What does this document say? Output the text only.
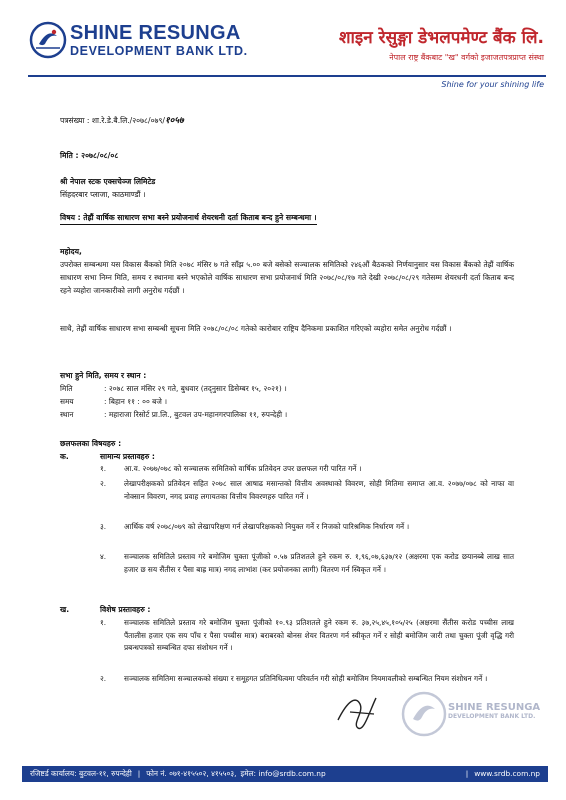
SHINE RESUNGA
DEVELOPMENT BANK LTD.
शाइन रेसुङ्गा डेभलपमेण्ट बैंक लि.
नेपाल राष्ट्र बैंकबाट "ख" वर्गको इजाजतपत्रप्राप्त संस्था
Shine for your shining life
पत्रसंख्या : शा.रे.डे.बै.लि./२०७८/०७९/१०५७
मिति : २०७८/०८/०८
श्री नेपाल स्टक एक्सचेञ्ज लिमिटेड
सिंहदरबार प्लाजा, काठमाण्डौं ।
विषय : तेह्रौं वार्षिक साधारण सभा बस्ने प्रयोजनार्थ शेयरधनी दर्ता किताब बन्द हुने सम्बन्धमा ।
महोदय,
उपरोक्त सम्बन्धमा यस विकास बैंकको मिति २०७८ मंसिर ७ गते साँझ ५.०० बजे बसेको सञ्चालक समितिको २४६औं बैठकको निर्णयानुसार यस विकास बैंकको तेह्रौं वार्षिक साधारण सभा निम्न मिति, समय र स्थानमा बस्ने भएकोले वार्षिक साधारण सभा प्रयोजनार्थ मिति २०७८/०८/१७ गते देखी २०७८/०८/२९ गतेसम्म शेयरधनी दर्ता किताब बन्द रहने व्यहोरा जानकारीको लागी अनुरोध गर्दछौं ।
साथै, तेह्रौं वार्षिक साधारण सभा सम्बन्धी सूचना मिति २०७८/०८/०८ गतेको कारोबार राष्ट्रिय दैनिकमा प्रकाशित गरिएको व्यहोरा समेत अनुरोध गर्दछौं ।
सभा हुने मिति, समय र स्थान :
मिति	: २०७८ साल मंसिर २९ गते, बुधवार (तद्नुसार डिसेम्बर १५, २०२१) ।
समय	: बिहान ११ : ०० बजे ।
स्थान	: महाराजा रिसोर्ट प्रा.लि., बुटवल उप-महानगरपालिका ११, रुपन्देही ।
छलफलका विषयहरु :
क.	सामान्य प्रस्तावहरु :
१. आ.व. २०७७/०७८ को सञ्चालक समितिको वार्षिक प्रतिवेदन उपर छलफल गरी पारित गर्ने ।
२. लेखापरीक्षकको प्रतिवेदन सहित २०७८ साल आषाढ मसान्तको वित्तीय अवस्थाको विवरण, सोही मितिमा समाप्त आ.व. २०७७/०७८ को नाफा वा नोक्सान विवरण, नगद प्रवाह लगायतका वित्तीय विवरणहरु पारित गर्ने ।
३. आर्थिक वर्ष २०७८/०७९ को लेखापरिक्षण गर्न लेखापरिक्षकको नियुक्त गर्ने र निजको पारिश्रमिक निर्धारण गर्ने ।
४. सञ्चालक समितिले प्रस्ताव गरे बमोजिम चुक्ता पूंजीको ०.५७ प्रतिशतले हुने रकम रु. १,९६,०७,६३७/१२ (अक्षरमा एक करोड छयानब्बे लाख सात हजार छ सय सैंतीस र पैसा बाह्र मात्र) नगद लाभांश (कर प्रयोजनका लागी) वितरण गर्न स्विकृत गर्ने ।
ख.	विशेष प्रस्तावहरु :
१. सञ्चालक समितिले प्रस्ताव गरे बमोजिम चुक्ता पूंजीको १०.९३ प्रतिशतले हुने रकम रु. ३७,२५,४५,१०५/२५ (अक्षरमा सैंतीस करोड पच्चीस लाख पैंतालीस हजार एक सय पाँच र पैसा पच्चीस मात्र) बराबरको बोनस शेयर वितरण गर्न स्वीकृत गर्ने र सोही बमोजिम जारी तथा चुक्ता पूंजी वृद्धि गरी प्रबन्धपत्रको सम्बन्धित दफा संशोधन गर्ने ।
२. सञ्चालक समितिमा सञ्चालकको संख्या र समूहगत प्रतिनिधित्वमा परिवर्तन गरी सोही बमोजिम नियमावलीको सम्बन्धित नियम संशोधन गर्ने ।
SHINE RESUNGA
DEVELOPMENT BANK LTD.
रजिष्टर्ड कार्यालय: बुटवल-११, रुपन्देही | फोन नं. ०७१-४१५५०२, ४१५५०३, इमेल: info@srdb.com.np	| www.srdb.com.np
